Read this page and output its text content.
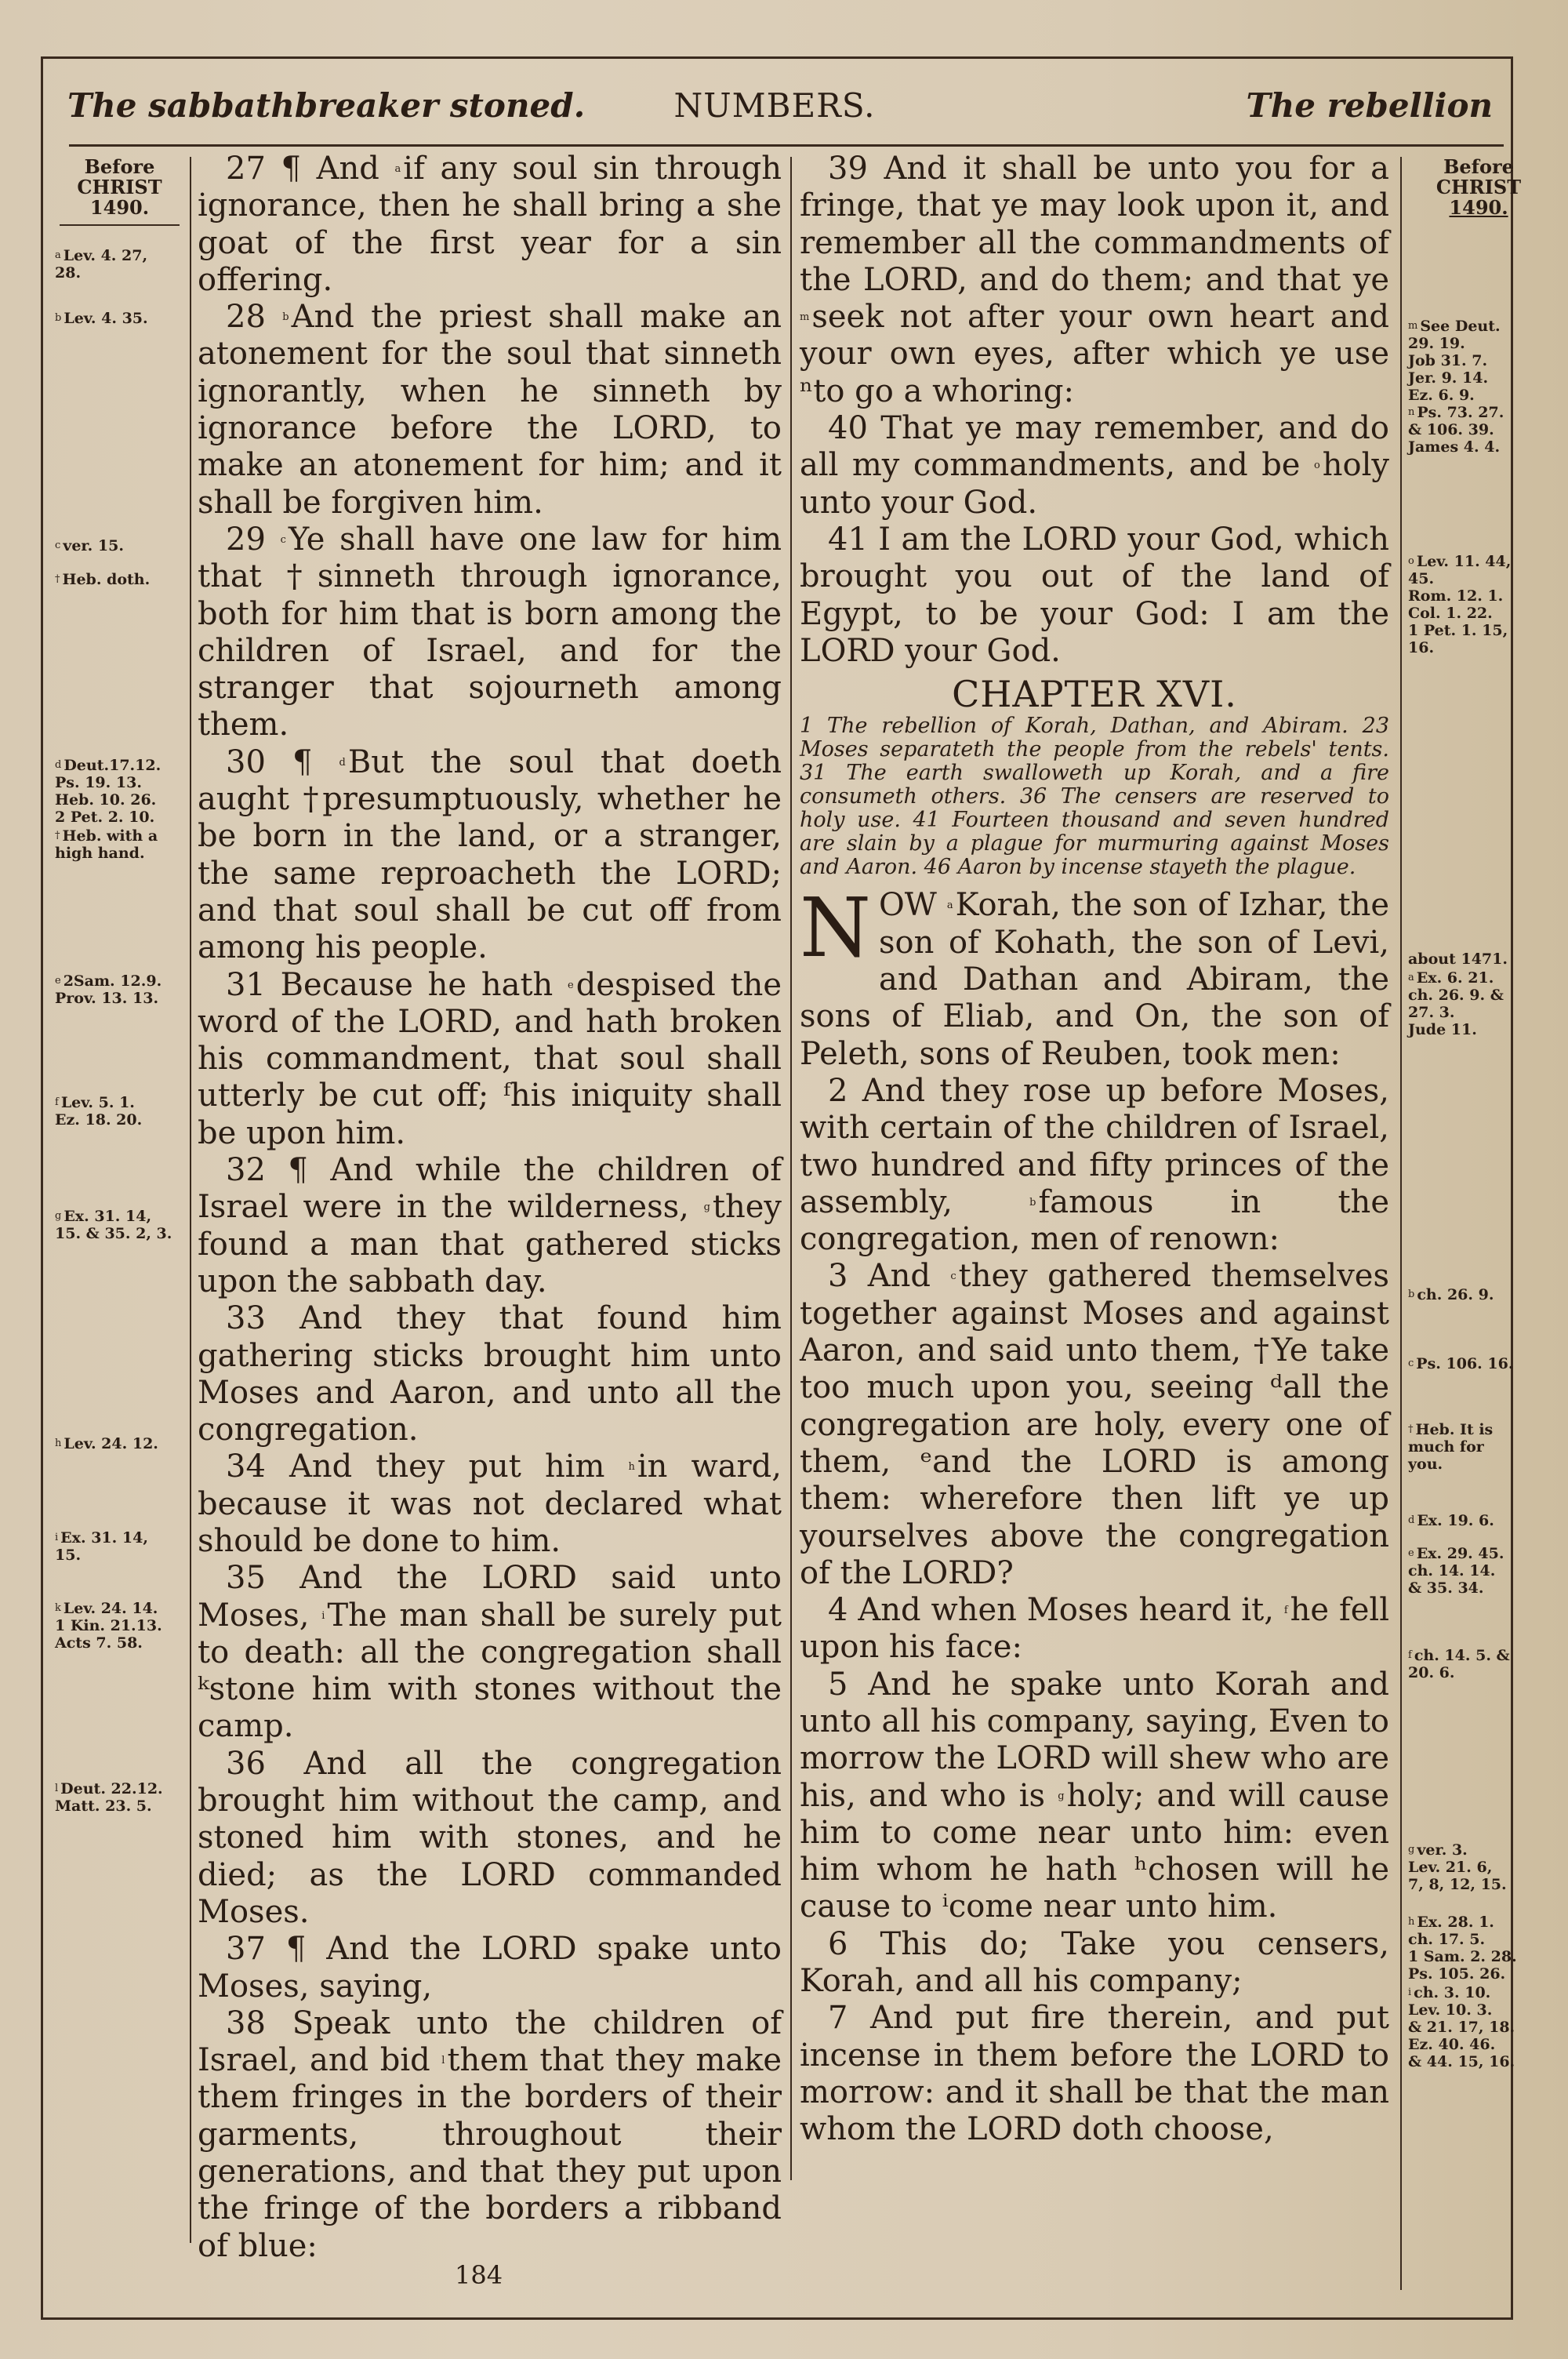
The sabbathbreaker stoned.	NUMBERS.	The rebellion
Before
CHRIST
1490.
$^a$ Lev. 4. 27,
28.
$^b$ Lev. 4. 35.
$^c$ ver. 15.
† Heb. doth.
$^d$ Deut.17.12.
Ps. 19. 13.
Heb. 10. 26.
2 Pet. 2. 10.
† Heb. with a
high hand.
$^e$ 2Sam. 12.9.
Prov. 13. 13.
$^f$ Lev. 5. 1.
Ez. 18. 20.
$^g$ Ex. 31. 14,
15. & 35. 2, 3.
$^h$ Lev. 24. 12.
$^i$ Ex. 31. 14,
15.
$^k$ Lev. 24. 14.
1 Kin. 21.13.
Acts 7. 58.
$^l$ Deut. 22.12.
Matt. 23. 5.

27 ¶ And $^a$if any soul sin through ignorance, then he shall bring a she goat of the first year for a sin offering.

28 $^b$And the priest shall make an atonement for the soul that sinneth ignorantly, when he sinneth by ignorance before the LORD, to make an atonement for him; and it shall be forgiven him.

29 $^c$Ye shall have one law for him that †sinneth through ignorance, both for him that is born among the children of Israel, and for the stranger that sojourneth among them.

30 ¶	$^d$But the soul that doeth aught †presumptuously, whether he be born in the land, or a stranger, the same reproacheth the LORD; and that soul shall be cut off from among his people.

31 Because he hath $^e$despised the word of the LORD, and hath broken his commandment, that soul shall utterly be cut off; ᶠhis iniquity shall be upon him.

32 ¶ And while the children of Israel were in the wilderness, $^g$they found a man that gathered sticks upon the sabbath day.

33 And they that found him gathering sticks brought him unto Moses and Aaron, and unto all the congregation.

34 And they put him $^h$in ward, because it was not declared what should be done to him.

35 And the LORD said unto Moses, $^i$The man shall be surely put to death: all the congregation shall ᵏstone him with stones without the camp.

36 And all the congregation brought him without the camp, and stoned him with stones, and he died; as the LORD commanded Moses.

37 ¶ And the LORD spake unto Moses, saying,

38 Speak unto the children of Israel, and bid $^l$them that they make them fringes in the borders of their garments, throughout their generations, and that they put upon the fringe of the borders a ribband of blue:

39 And it shall be unto you for a fringe, that ye may look upon it, and remember all the commandments of the LORD, and do them; and that ye $^m$seek not after your own heart and your own eyes, after which ye use ⁿto go a whoring:

40 That ye may remember, and do all my commandments, and be $^o$holy unto your God.

41 I am the LORD your God, which brought you out of the land of Egypt, to be your God: I am the LORD your God.

CHAPTER XVI.

1 The rebellion of Korah, Dathan, and Abiram. 23 Moses separateth the people from the rebels' tents. 31 The earth swalloweth up Korah, and a fire consumeth others. 36 The censers are reserved to holy use. 41 Fourteen thousand and seven hundred are slain by a plague for murmuring against Moses and Aaron. 46 Aaron by incense stayeth the plague.

NOW $^a$Korah, the son of Izhar, the son of Kohath, the son of Levi, and Dathan and Abiram, the sons of Eliab, and On, the son of Peleth, sons of Reuben, took men:

2 And they rose up before Moses, with certain of the children of Israel, two hundred and fifty princes of the assembly,	$^b$famous in the congregation, men of renown:

3 And $^c$they gathered themselves together against Moses and against Aaron, and said unto them, †Ye take too much upon you, seeing ᵈall the congregation are holy, every one of them, ᵉand the LORD is among them: wherefore then lift ye up yourselves above the congregation of the LORD?

4 And when Moses heard it, $^f$he fell upon his face:

5 And he spake unto Korah and unto all his company, saying, Even to morrow the LORD will shew who are his, and who is $^g$holy; and will cause him to come near unto him: even him whom he hath ʰchosen will he cause to ⁱcome near unto him.

6 This do; Take you censers, Korah, and all his company;

7 And put fire therein, and put incense in them before the LORD to morrow: and it shall be that the man whom the LORD doth choose,

Before
CHRIST
1490.
$^m$ See Deut.
29. 19.
Job 31. 7.
Jer. 9. 14.
Ez. 6. 9.
$^n$ Ps. 73. 27.
& 106. 39.
James 4. 4.
$^o$ Lev. 11. 44,
45.
Rom. 12. 1.
Col. 1. 22.
1 Pet. 1. 15,
16.
about 1471.
$^a$ Ex. 6. 21.
ch. 26. 9. &
27. 3.
Jude 11.
$^b$ ch. 26. 9.
$^c$ Ps. 106. 16.
† Heb. It is
much for
you.
$^d$ Ex. 19. 6.
$^e$ Ex. 29. 45.
ch. 14. 14.
& 35. 34.
$^f$ ch. 14. 5. &
20. 6.
$^g$ ver. 3.
Lev. 21. 6,
7, 8, 12, 15.
$^h$ Ex. 28. 1.
ch. 17. 5.
1 Sam. 2. 28.
Ps. 105. 26.
$^i$ ch. 3. 10.
Lev. 10. 3.
& 21. 17, 18.
Ez. 40. 46.
& 44. 15, 16.
184
